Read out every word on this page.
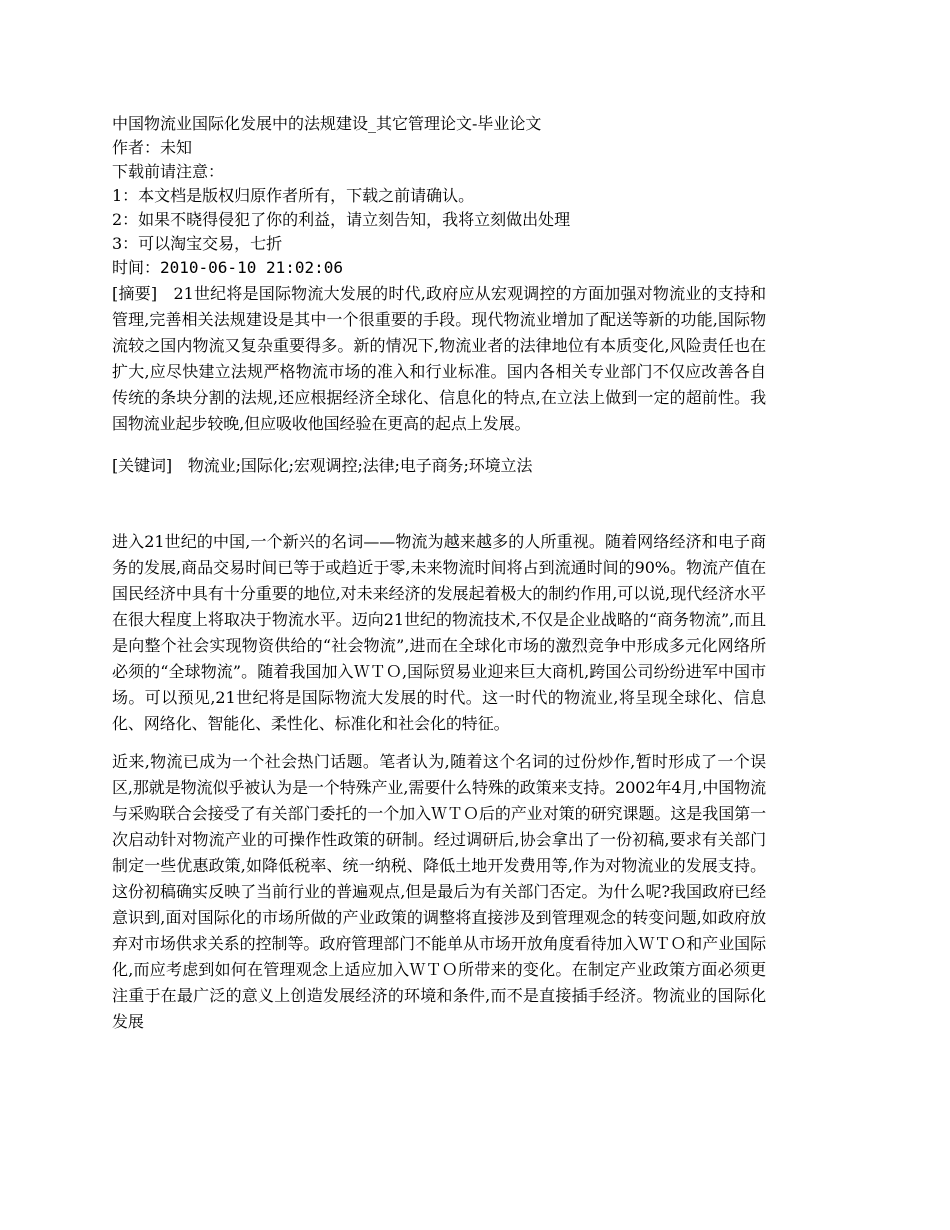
中国物流业国际化发展中的法规建设_其它管理论文-毕业论文

作者：未知

下载前请注意：

1：本文档是版权归原作者所有，下载之前请确认。

2：如果不晓得侵犯了你的利益，请立刻告知，我将立刻做出处理

3：可以淘宝交易，七折

时间：2010-06-10 21:02:06

[摘要]　21世纪将是国际物流大发展的时代,政府应从宏观调控的方面加强对物流业的支持和管理,完善相关法规建设是其中一个很重要的手段。现代物流业增加了配送等新的功能,国际物流较之国内物流又复杂重要得多。新的情况下,物流业者的法律地位有本质变化,风险责任也在扩大,应尽快建立法规严格物流市场的准入和行业标准。国内各相关专业部门不仅应改善各自传统的条块分割的法规,还应根据经济全球化、信息化的特点,在立法上做到一定的超前性。我国物流业起步较晚,但应吸收他国经验在更高的起点上发展。

[关键词]　物流业;国际化;宏观调控;法律;电子商务;环境立法

进入21世纪的中国,一个新兴的名词——物流为越来越多的人所重视。随着网络经济和电子商务的发展,商品交易时间已等于或趋近于零,未来物流时间将占到流通时间的90%。物流产值在国民经济中具有十分重要的地位,对未来经济的发展起着极大的制约作用,可以说,现代经济水平在很大程度上将取决于物流水平。迈向21世纪的物流技术,不仅是企业战略的“商务物流”,而且是向整个社会实现物资供给的“社会物流”,进而在全球化市场的激烈竞争中形成多元化网络所必须的“全球物流”。随着我国加入ＷＴＯ,国际贸易业迎来巨大商机,跨国公司纷纷进军中国市场。可以预见,21世纪将是国际物流大发展的时代。这一时代的物流业,将呈现全球化、信息化、网络化、智能化、柔性化、标准化和社会化的特征。

近来,物流已成为一个社会热门话题。笔者认为,随着这个名词的过份炒作,暂时形成了一个误区,那就是物流似乎被认为是一个特殊产业,需要什么特殊的政策来支持。2002年4月,中国物流与采购联合会接受了有关部门委托的一个加入ＷＴＯ后的产业对策的研究课题。这是我国第一次启动针对物流产业的可操作性政策的研制。经过调研后,协会拿出了一份初稿,要求有关部门制定一些优惠政策,如降低税率、统一纳税、降低土地开发费用等,作为对物流业的发展支持。这份初稿确实反映了当前行业的普遍观点,但是最后为有关部门否定。为什么呢?我国政府已经意识到,面对国际化的市场所做的产业政策的调整将直接涉及到管理观念的转变问题,如政府放弃对市场供求关系的控制等。政府管理部门不能单从市场开放角度看待加入ＷＴＯ和产业国际化,而应考虑到如何在管理观念上适应加入ＷＴＯ所带来的变化。在制定产业政策方面必须更注重于在最广泛的意义上创造发展经济的环境和条件,而不是直接插手经济。物流业的国际化发展
